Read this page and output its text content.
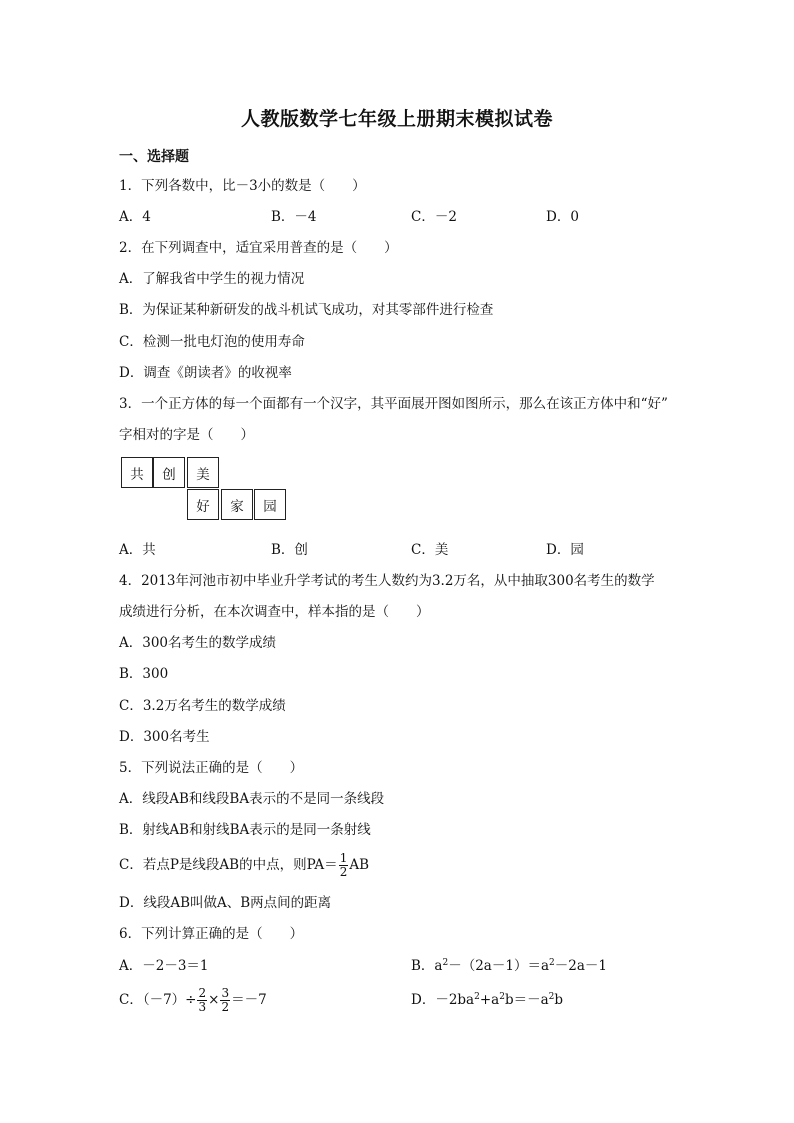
人教版数学七年级上册期末模拟试卷
一、选择题
1．下列各数中，比－3小的数是（　　）
A．4	B．－4	C．－2	D．0
2．在下列调查中，适宜采用普查的是（　　）
A．了解我省中学生的视力情况
B．为保证某种新研发的战斗机试飞成功，对其零部件进行检查
C．检测一批电灯泡的使用寿命
D．调查《朗读者》的收视率
3．一个正方体的每一个面都有一个汉字，其平面展开图如图所示，那么在该正方体中和“好”
字相对的字是（　　）
共	创	美
好	家	园
A．共	B．创	C．美	D．园
4．2013年河池市初中毕业升学考试的考生人数约为3.2万名，从中抽取300名考生的数学
成绩进行分析，在本次调查中，样本指的是（　　）
A．300名考生的数学成绩
B．300
C．3.2万名考生的数学成绩
D．300名考生
5．下列说法正确的是（　　）
A．线段AB和线段BA表示的不是同一条线段
B．射线AB和射线BA表示的是同一条射线
C．若点P是线段AB的中点，则$PA= \frac{1}{2}$ AB
D．线段AB叫做A、B两点间的距离
6．下列计算正确的是（　　）
A．－2－3＝1	B．$a^2-(2a-1)=a^2-2a-1$
C．$(-7)\div \frac{2}{3} \times \frac{3}{2} =-7$	D．$-2ba^2+a^2b=-a^2b$
